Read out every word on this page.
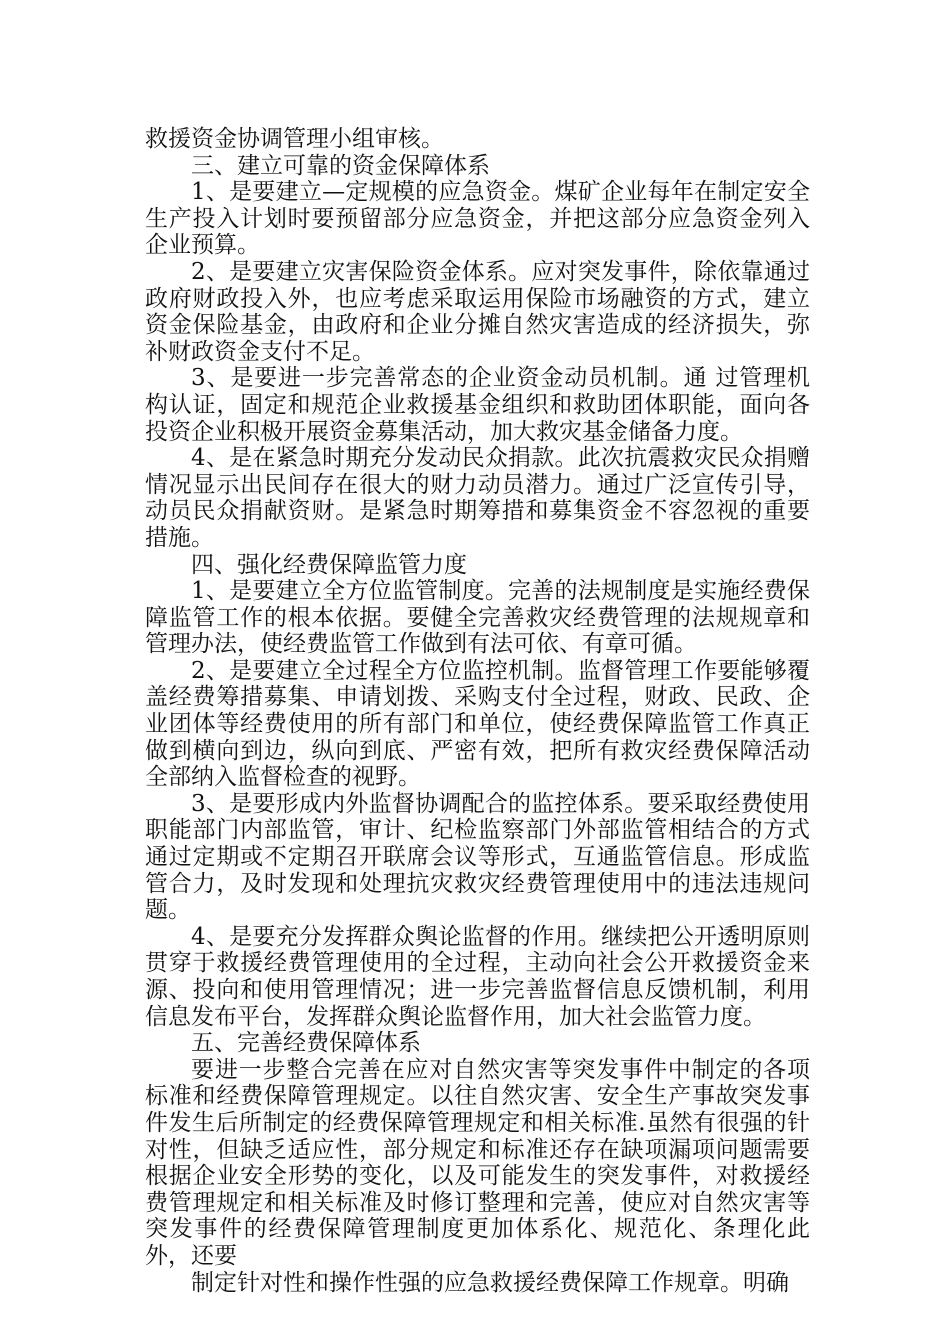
救援资金协调管理小组审核。

三、建立可靠的资金保障体系

1、是要建立—定规模的应急资金。煤矿企业每年在制定安全生产投入计划时要预留部分应急资金，并把这部分应急资金列入企业预算。

2、是要建立灾害保险资金体系。应对突发事件，除依靠通过政府财政投入外，也应考虑采取运用保险市场融资的方式，建立资金保险基金，由政府和企业分摊自然灾害造成的经济损失，弥补财政资金支付不足。

3、是要进一步完善常态的企业资金动员机制。通 过管理机构认证，固定和规范企业救援基金组织和救助团体职能，面向各投资企业积极开展资金募集活动，加大救灾基金储备力度。

4、是在紧急时期充分发动民众捐款。此次抗震救灾民众捐赠情况显示出民间存在很大的财力动员潜力。通过广泛宣传引导，动员民众捐献资财。是紧急时期筹措和募集资金不容忽视的重要措施。

四、强化经费保障监管力度

1、是要建立全方位监管制度。完善的法规制度是实施经费保障监管工作的根本依据。要健全完善救灾经费管理的法规规章和管理办法，使经费监管工作做到有法可依、有章可循。

2、是要建立全过程全方位监控机制。监督管理工作要能够覆盖经费筹措募集、申请划拨、采购支付全过程，财政、民政、企业团体等经费使用的所有部门和单位，使经费保障监管工作真正做到横向到边，纵向到底、严密有效，把所有救灾经费保障活动全部纳入监督检查的视野。

3、是要形成内外监督协调配合的监控体系。要采取经费使用职能部门内部监管，审计、纪检监察部门外部监管相结合的方式通过定期或不定期召开联席会议等形式，互通监管信息。形成监管合力，及时发现和处理抗灾救灾经费管理使用中的违法违规问题。

4、是要充分发挥群众舆论监督的作用。继续把公开透明原则贯穿于救援经费管理使用的全过程，主动向社会公开救援资金来源、投向和使用管理情况；进一步完善监督信息反馈机制，利用信息发布平台，发挥群众舆论监督作用，加大社会监管力度。

五、完善经费保障体系

要进一步整合完善在应对自然灾害等突发事件中制定的各项标准和经费保障管理规定。以往自然灾害、安全生产事故突发事件发生后所制定的经费保障管理规定和相关标准.虽然有很强的针对性，但缺乏适应性，部分规定和标准还存在缺项漏项问题需要根据企业安全形势的变化，以及可能发生的突发事件，对救援经费管理规定和相关标准及时修订整理和完善，使应对自然灾害等突发事件的经费保障管理制度更加体系化、规范化、条理化此外，还要

制定针对性和操作性强的应急救援经费保障工作规章。明确
